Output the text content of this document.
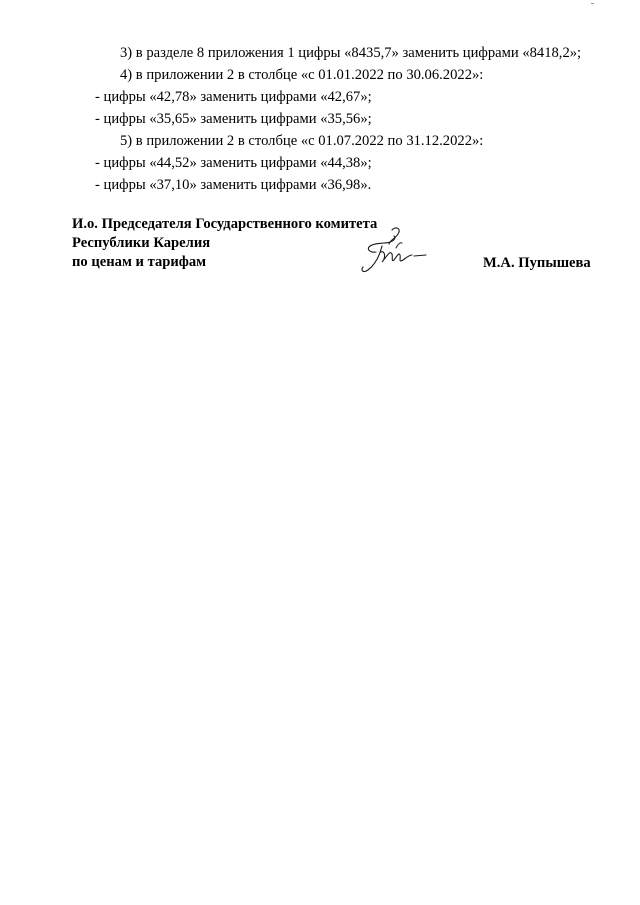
3) в разделе 8 приложения 1 цифры «8435,7» заменить цифрами «8418,2»;

4) в приложении 2 в столбце «с 01.01.2022 по 30.06.2022»:

- цифры «42,78» заменить цифрами «42,67»;

- цифры «35,65» заменить цифрами «35,56»;

5) в приложении 2 в столбце «с 01.07.2022 по 31.12.2022»:

- цифры «44,52» заменить цифрами «44,38»;

- цифры «37,10» заменить цифрами «36,98».

И.о. Председателя Государственного комитета
Республики Карелия
по ценам и тарифам	М.А. Пупышева
